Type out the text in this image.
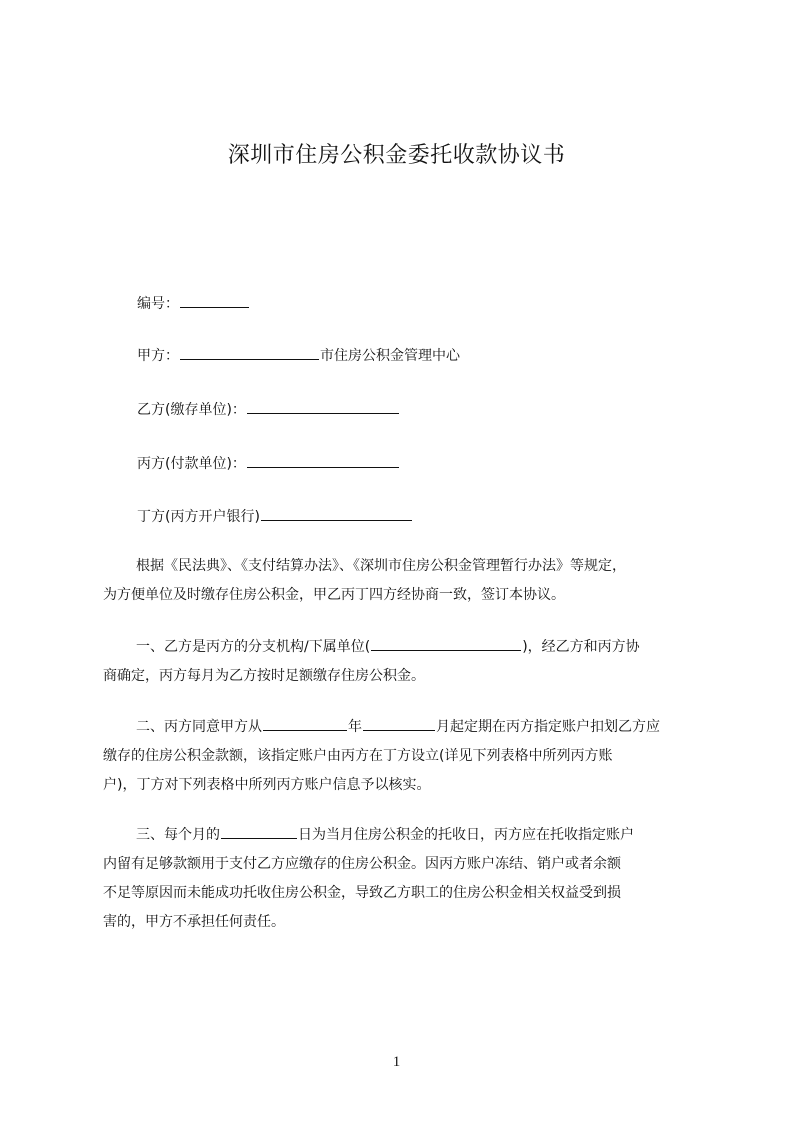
深圳市住房公积金委托收款协议书
编号：
甲方：	市住房公积金管理中心
乙方(缴存单位)：
丙方(付款单位)：
丁方(丙方开户银行)
根据《民法典》、《支付结算办法》、《深圳市住房公积金管理暂行办法》等规定，
为方便单位及时缴存住房公积金，甲乙丙丁四方经协商一致，签订本协议。
一、乙方是丙方的分支机构/下属单位(	)，经乙方和丙方协
商确定，丙方每月为乙方按时足额缴存住房公积金。
二、丙方同意甲方从	年	月起定期在丙方指定账户扣划乙方应
缴存的住房公积金款额，该指定账户由丙方在丁方设立(详见下列表格中所列丙方账
户)，丁方对下列表格中所列丙方账户信息予以核实。
三、每个月的	日为当月住房公积金的托收日，丙方应在托收指定账户
内留有足够款额用于支付乙方应缴存的住房公积金。因丙方账户冻结、销户或者余额
不足等原因而未能成功托收住房公积金，导致乙方职工的住房公积金相关权益受到损
害的，甲方不承担任何责任。
1
